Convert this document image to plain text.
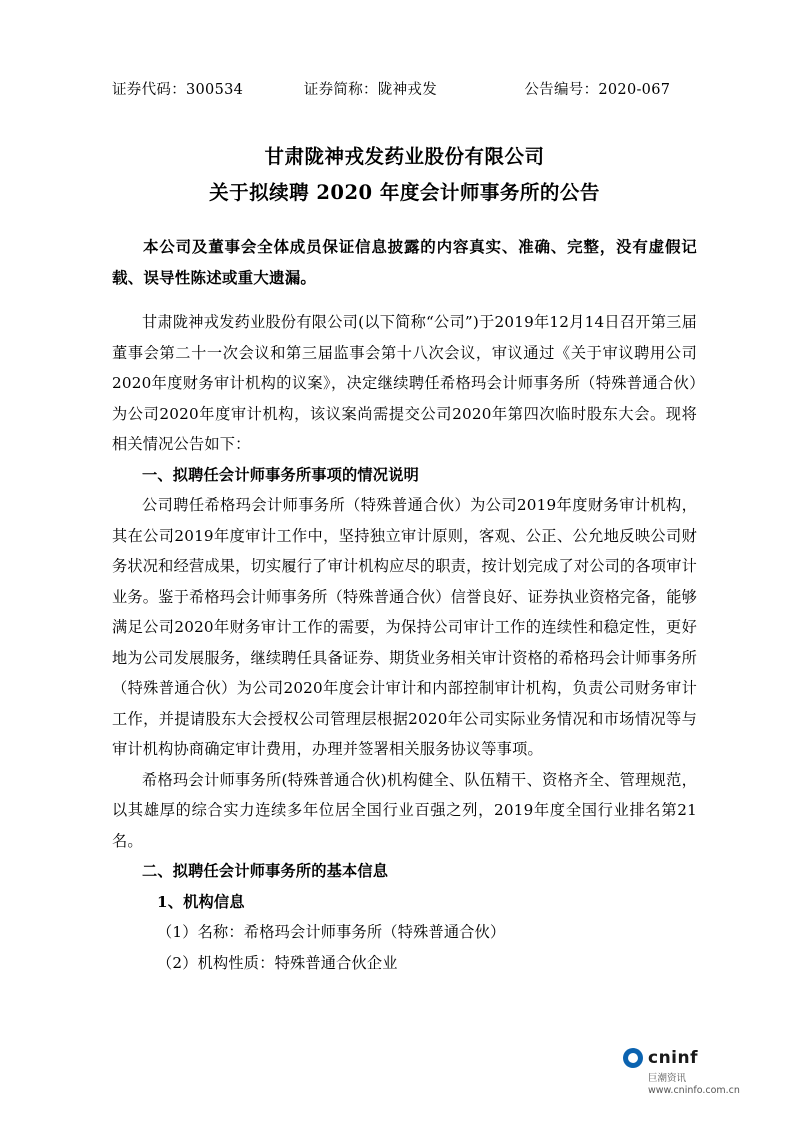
证券代码：300534	证券简称：陇神戎发	公告编号：2020-067
甘肃陇神戎发药业股份有限公司
关于拟续聘 2020 年度会计师事务所的公告
本公司及董事会全体成员保证信息披露的内容真实、准确、完整，没有虚假记载、误导性陈述或重大遗漏。

甘肃陇神戎发药业股份有限公司(以下简称“公司”)于2019年12月14日召开第三届董事会第二十一次会议和第三届监事会第十八次会议，审议通过《关于审议聘用公司2020年度财务审计机构的议案》，决定继续聘任希格玛会计师事务所（特殊普通合伙）为公司2020年度审计机构，该议案尚需提交公司2020年第四次临时股东大会。现将相关情况公告如下：

一、拟聘任会计师事务所事项的情况说明

公司聘任希格玛会计师事务所（特殊普通合伙）为公司2019年度财务审计机构，其在公司2019年度审计工作中，坚持独立审计原则，客观、公正、公允地反映公司财务状况和经营成果，切实履行了审计机构应尽的职责，按计划完成了对公司的各项审计业务。鉴于希格玛会计师事务所（特殊普通合伙）信誉良好、证券执业资格完备，能够满足公司2020年财务审计工作的需要，为保持公司审计工作的连续性和稳定性，更好地为公司发展服务，继续聘任具备证券、期货业务相关审计资格的希格玛会计师事务所（特殊普通合伙）为公司2020年度会计审计和内部控制审计机构，负责公司财务审计工作，并提请股东大会授权公司管理层根据2020年公司实际业务情况和市场情况等与审计机构协商确定审计费用，办理并签署相关服务协议等事项。

希格玛会计师事务所(特殊普通合伙)机构健全、队伍精干、资格齐全、管理规范，以其雄厚的综合实力连续多年位居全国行业百强之列，2019年度全国行业排名第21名。

二、拟聘任会计师事务所的基本信息

1、机构信息

（1）名称：希格玛会计师事务所（特殊普通合伙）

（2）机构性质：特殊普通合伙企业

cninf
巨潮资讯
www.cninfo.com.cn
